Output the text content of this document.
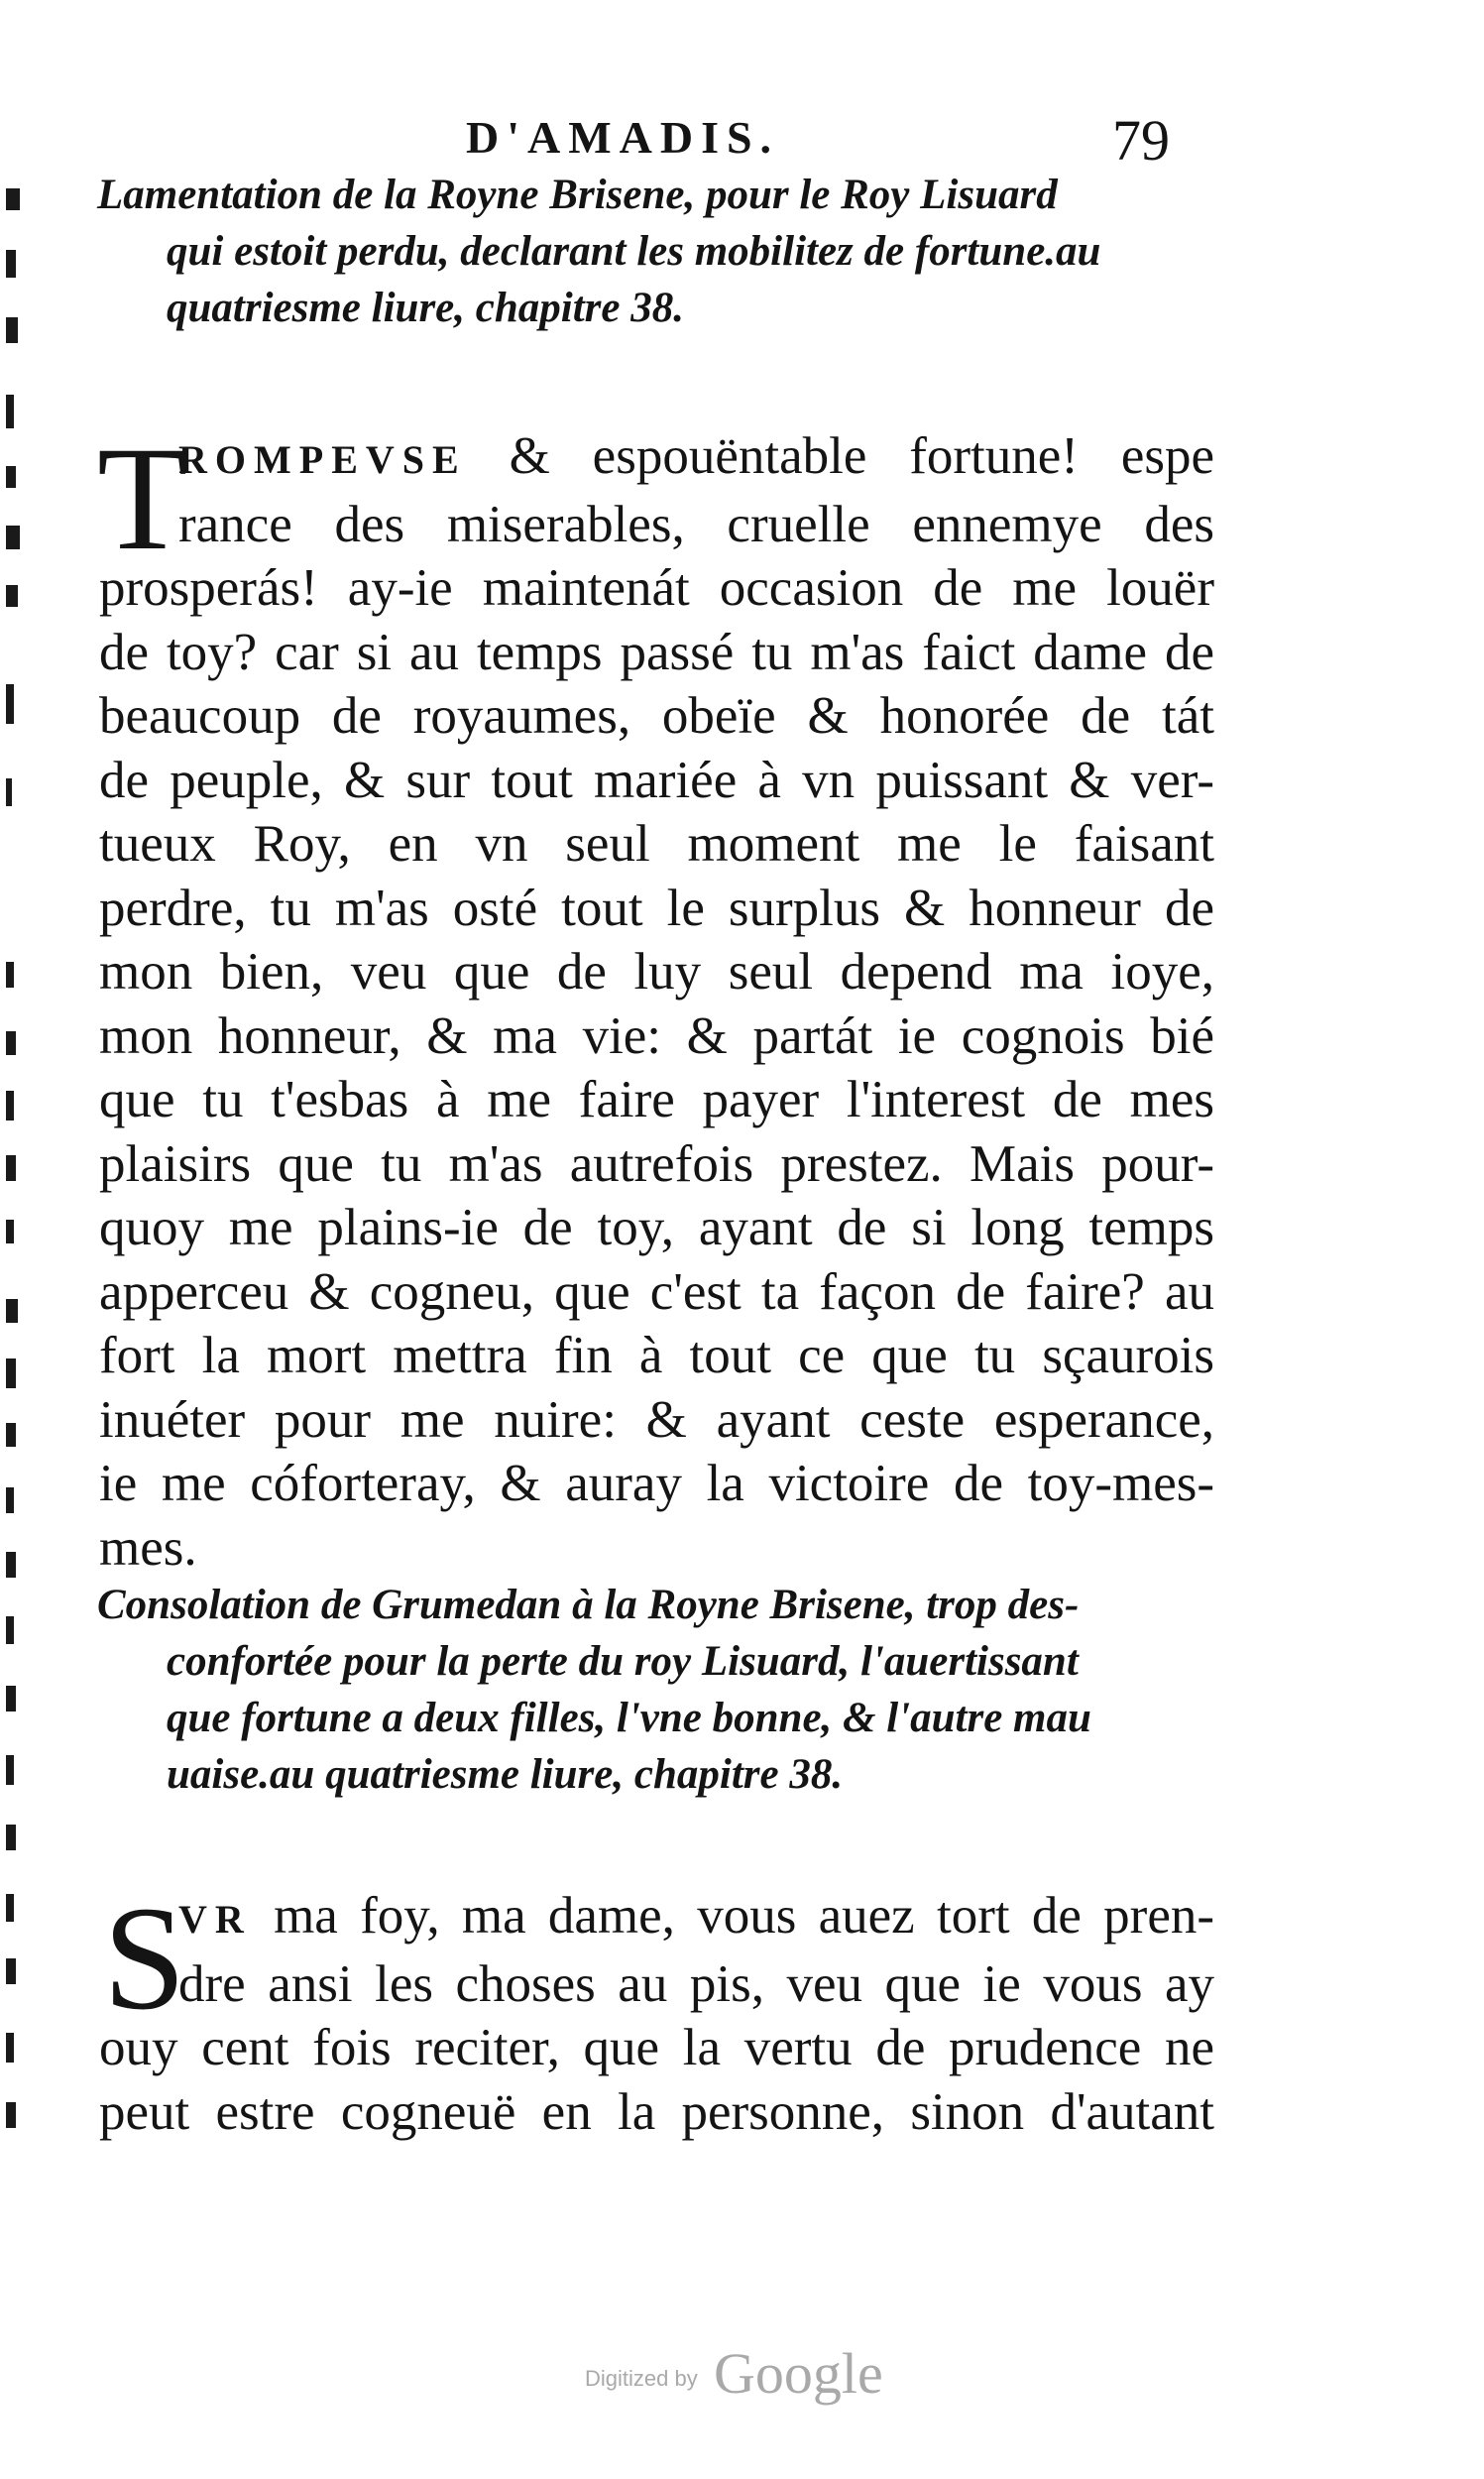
D'AMADIS.	79
Lamentation de la Royne Brisene, pour le Roy Lisuard
qui estoit perdu, declarant les mobilitez de fortune.au
quatriesme liure, chapitre 38.
T
ROMPEVSE & espouëntable fortune! espe
rance des miserables, cruelle ennemye des
prosperás! ay-ie maintenát occasion de me louër
de toy? car si au temps passé tu m'as faict dame de
beaucoup de royaumes, obeïe & honorée de tát
de peuple, & sur tout mariée à vn puissant & ver-
tueux Roy, en vn seul moment me le faisant
perdre, tu m'as osté tout le surplus & honneur de
mon bien, veu que de luy seul depend ma ioye,
mon honneur, & ma vie: & partát ie cognois bié
que tu t'esbas à me faire payer l'interest de mes
plaisirs que tu m'as autrefois prestez. Mais pour-
quoy me plains-ie de toy, ayant de si long temps
apperceu & cogneu, que c'est ta façon de faire? au
fort la mort mettra fin à tout ce que tu sçaurois
inuéter pour me nuire: & ayant ceste esperance,
ie me cóforteray, & auray la victoire de toy-mes-
mes.
Consolation de Grumedan à la Royne Brisene, trop des-
confortée pour la perte du roy Lisuard, l'auertissant
que fortune a deux filles, l'vne bonne, & l'autre mau
uaise.au quatriesme liure, chapitre 38.
S
VR ma foy, ma dame, vous auez tort de pren-
dre ansi les choses au pis, veu que ie vous ay
ouy cent fois reciter, que la vertu de prudence ne
peut estre cogneuë en la personne, sinon d'autant
Digitized by Google
